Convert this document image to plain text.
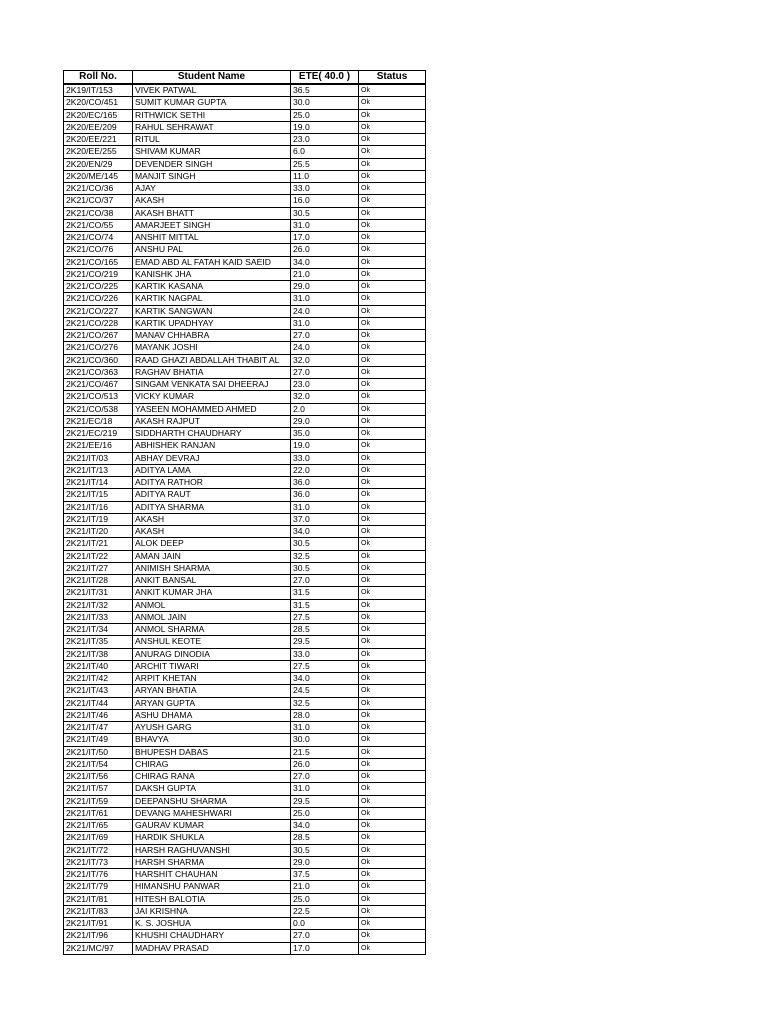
Roll No.	Student Name	ETE( 40.0 )	Status
2K19/IT/153	VIVEK PATWAL	36.5	Ok
2K20/CO/451	SUMIT KUMAR GUPTA	30.0	Ok
2K20/EC/165	RITHWICK SETHI	25.0	Ok
2K20/EE/209	RAHUL SEHRAWAT	19.0	Ok
2K20/EE/221	RITUL	23.0	Ok
2K20/EE/255	SHIVAM KUMAR	6.0	Ok
2K20/EN/29	DEVENDER SINGH	25.5	Ok
2K20/ME/145	MANJIT SINGH	11.0	Ok
2K21/CO/36	AJAY	33.0	Ok
2K21/CO/37	AKASH	16.0	Ok
2K21/CO/38	AKASH BHATT	30.5	Ok
2K21/CO/55	AMARJEET SINGH	31.0	Ok
2K21/CO/74	ANSHIT MITTAL	17.0	Ok
2K21/CO/76	ANSHU PAL	26.0	Ok
2K21/CO/165	EMAD ABD AL FATAH KAID SAEID	34.0	Ok
2K21/CO/219	KANISHK JHA	21.0	Ok
2K21/CO/225	KARTIK KASANA	29.0	Ok
2K21/CO/226	KARTIK NAGPAL	31.0	Ok
2K21/CO/227	KARTIK SANGWAN	24.0	Ok
2K21/CO/228	KARTIK UPADHYAY	31.0	Ok
2K21/CO/267	MANAV CHHABRA	27.0	Ok
2K21/CO/276	MAYANK JOSHI	24.0	Ok
2K21/CO/360	RAAD GHAZI ABDALLAH THABIT AL	32.0	Ok
2K21/CO/363	RAGHAV BHATIA	27.0	Ok
2K21/CO/467	SINGAM VENKATA SAI DHEERAJ	23.0	Ok
2K21/CO/513	VICKY KUMAR	32.0	Ok
2K21/CO/538	YASEEN MOHAMMED AHMED	2.0	Ok
2K21/EC/18	AKASH RAJPUT	29.0	Ok
2K21/EC/219	SIDDHARTH CHAUDHARY	35.0	Ok
2K21/EE/16	ABHISHEK RANJAN	19.0	Ok
2K21/IT/03	ABHAY DEVRAJ	33.0	Ok
2K21/IT/13	ADITYA LAMA	22.0	Ok
2K21/IT/14	ADITYA RATHOR	36.0	Ok
2K21/IT/15	ADITYA RAUT	36.0	Ok
2K21/IT/16	ADITYA SHARMA	31.0	Ok
2K21/IT/19	AKASH	37.0	Ok
2K21/IT/20	AKASH	34.0	Ok
2K21/IT/21	ALOK DEEP	30.5	Ok
2K21/IT/22	AMAN JAIN	32.5	Ok
2K21/IT/27	ANIMISH SHARMA	30.5	Ok
2K21/IT/28	ANKIT BANSAL	27.0	Ok
2K21/IT/31	ANKIT KUMAR JHA	31.5	Ok
2K21/IT/32	ANMOL	31.5	Ok
2K21/IT/33	ANMOL JAIN	27.5	Ok
2K21/IT/34	ANMOL SHARMA	28.5	Ok
2K21/IT/35	ANSHUL KEOTE	29.5	Ok
2K21/IT/38	ANURAG DINODIA	33.0	Ok
2K21/IT/40	ARCHIT TIWARI	27.5	Ok
2K21/IT/42	ARPIT KHETAN	34.0	Ok
2K21/IT/43	ARYAN BHATIA	24.5	Ok
2K21/IT/44	ARYAN GUPTA	32.5	Ok
2K21/IT/46	ASHU DHAMA	28.0	Ok
2K21/IT/47	AYUSH GARG	31.0	Ok
2K21/IT/49	BHAVYA	30.0	Ok
2K21/IT/50	BHUPESH DABAS	21.5	Ok
2K21/IT/54	CHIRAG	26.0	Ok
2K21/IT/56	CHIRAG RANA	27.0	Ok
2K21/IT/57	DAKSH GUPTA	31.0	Ok
2K21/IT/59	DEEPANSHU SHARMA	29.5	Ok
2K21/IT/61	DEVANG MAHESHWARI	25.0	Ok
2K21/IT/65	GAURAV KUMAR	34.0	Ok
2K21/IT/69	HARDIK SHUKLA	28.5	Ok
2K21/IT/72	HARSH RAGHUVANSHI	30.5	Ok
2K21/IT/73	HARSH SHARMA	29.0	Ok
2K21/IT/76	HARSHIT CHAUHAN	37.5	Ok
2K21/IT/79	HIMANSHU PANWAR	21.0	Ok
2K21/IT/81	HITESH BALOTIA	25.0	Ok
2K21/IT/83	JAI KRISHNA	22.5	Ok
2K21/IT/91	K. S. JOSHUA	0.0	Ok
2K21/IT/96	KHUSHI CHAUDHARY	27.0	Ok
2K21/MC/97	MADHAV PRASAD	17.0	Ok
